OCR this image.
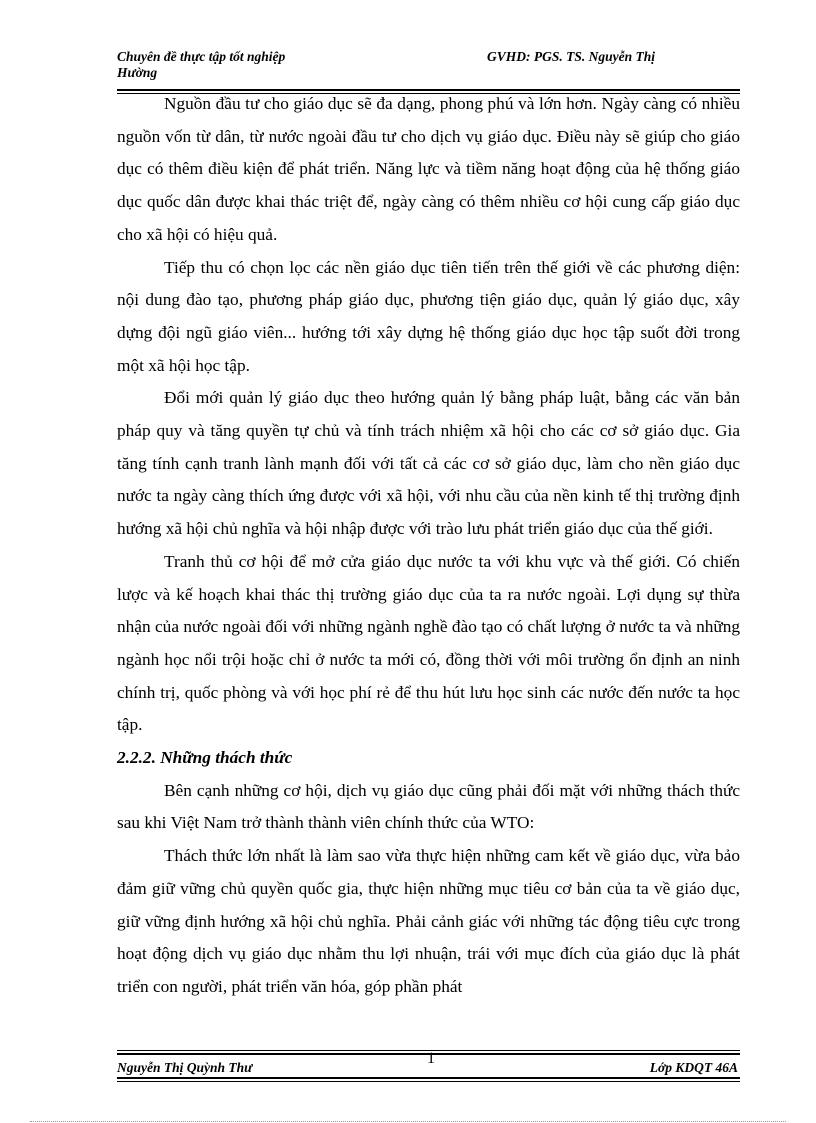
Chuyên đề thực tập tốt nghiệp
Hường
GVHD: PGS. TS. Nguyễn Thị

Nguồn đầu tư cho giáo dục sẽ đa dạng, phong phú và lớn hơn. Ngày càng có nhiều nguồn vốn từ dân, từ nước ngoài đầu tư cho dịch vụ giáo dục. Điều này sẽ giúp cho giáo dục có thêm điều kiện để phát triển. Năng lực và tiềm năng hoạt động của hệ thống giáo dục quốc dân được khai thác triệt để, ngày càng có thêm nhiều cơ hội cung cấp giáo dục cho xã hội có hiệu quả.

Tiếp thu có chọn lọc các nền giáo dục tiên tiến trên thế giới về các phương diện: nội dung đào tạo, phương pháp giáo dục, phương tiện giáo dục, quản lý giáo dục, xây dựng đội ngũ giáo viên... hướng tới xây dựng hệ thống giáo dục học tập suốt đời trong một xã hội học tập.

Đổi mới quản lý giáo dục theo hướng quản lý bằng pháp luật, bằng các văn bản pháp quy và tăng quyền tự chủ và tính trách nhiệm xã hội cho các cơ sở giáo dục. Gia tăng tính cạnh tranh lành mạnh đối với tất cả các cơ sở giáo dục, làm cho nền giáo dục nước ta ngày càng thích ứng được với xã hội, với nhu cầu của nền kinh tế thị trường định hướng xã hội chủ nghĩa và hội nhập được với trào lưu phát triển giáo dục của thế giới.

Tranh thủ cơ hội để mở cửa giáo dục nước ta với khu vực và thế giới. Có chiến lược và kế hoạch khai thác thị trường giáo dục của ta ra nước ngoài. Lợi dụng sự thừa nhận của nước ngoài đối với những ngành nghề đào tạo có chất lượng ở nước ta và những ngành học nổi trội hoặc chỉ ở nước ta mới có, đồng thời với môi trường ổn định an ninh chính trị, quốc phòng và với học phí rẻ để thu hút lưu học sinh các nước đến nước ta học tập.

2.2.2. Những thách thức

Bên cạnh những cơ hội, dịch vụ giáo dục cũng phải đối mặt với những thách thức sau khi Việt Nam trở thành thành viên chính thức của WTO:

Thách thức lớn nhất là làm sao vừa thực hiện những cam kết về giáo dục, vừa bảo đảm giữ vững chủ quyền quốc gia, thực hiện những mục tiêu cơ bản của ta về giáo dục, giữ vững định hướng xã hội chủ nghĩa. Phải cảnh giác với những tác động tiêu cực trong hoạt động dịch vụ giáo dục nhằm thu lợi nhuận, trái với mục đích của giáo dục là phát triển con người, phát triển văn hóa, góp phần phát

Nguyễn Thị Quỳnh Thư
1
Lớp KDQT 46A
